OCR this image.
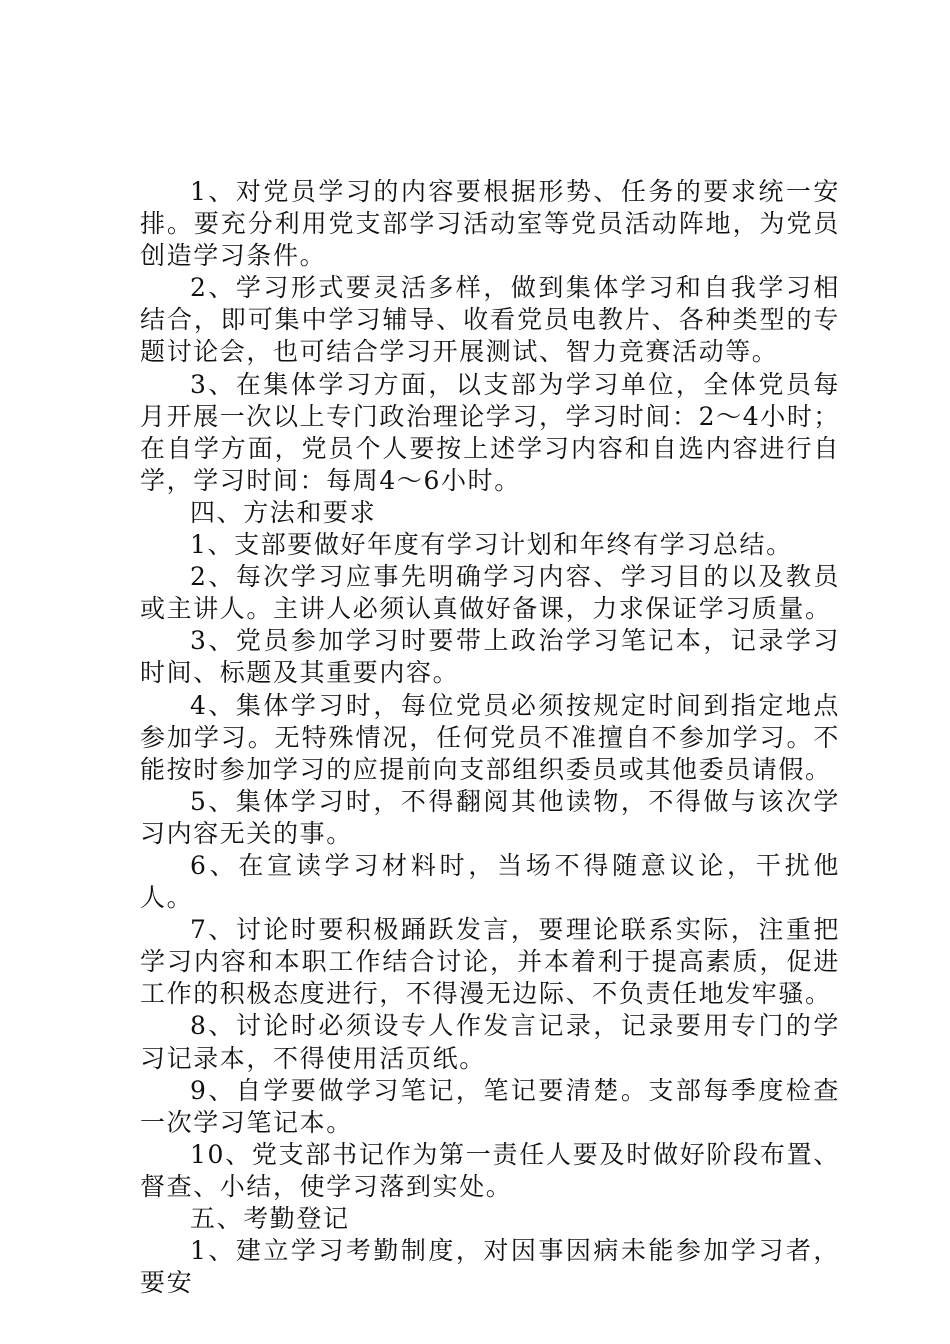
1、对党员学习的内容要根据形势、任务的要求统一安排。要充分利用党支部学习活动室等党员活动阵地，为党员创造学习条件。

2、学习形式要灵活多样，做到集体学习和自我学习相结合，即可集中学习辅导、收看党员电教片、各种类型的专题讨论会，也可结合学习开展测试、智力竞赛活动等。

3、在集体学习方面，以支部为学习单位，全体党员每月开展一次以上专门政治理论学习，学习时间：2～4小时；在自学方面，党员个人要按上述学习内容和自选内容进行自学，学习时间：每周4～6小时。

四、方法和要求

1、支部要做好年度有学习计划和年终有学习总结。

2、每次学习应事先明确学习内容、学习目的以及教员或主讲人。主讲人必须认真做好备课，力求保证学习质量。

3、党员参加学习时要带上政治学习笔记本，记录学习时间、标题及其重要内容。

4、集体学习时，每位党员必须按规定时间到指定地点参加学习。无特殊情况，任何党员不准擅自不参加学习。不能按时参加学习的应提前向支部组织委员或其他委员请假。

5、集体学习时，不得翻阅其他读物，不得做与该次学习内容无关的事。

6、在宣读学习材料时，当场不得随意议论，干扰他人。

7、讨论时要积极踊跃发言，要理论联系实际，注重把学习内容和本职工作结合讨论，并本着利于提高素质，促进工作的积极态度进行，不得漫无边际、不负责任地发牢骚。

8、讨论时必须设专人作发言记录，记录要用专门的学习记录本，不得使用活页纸。

9、自学要做学习笔记，笔记要清楚。支部每季度检查一次学习笔记本。

10、党支部书记作为第一责任人要及时做好阶段布置、督查、小结，使学习落到实处。

五、考勤登记

1、建立学习考勤制度，对因事因病未能参加学习者，要安
